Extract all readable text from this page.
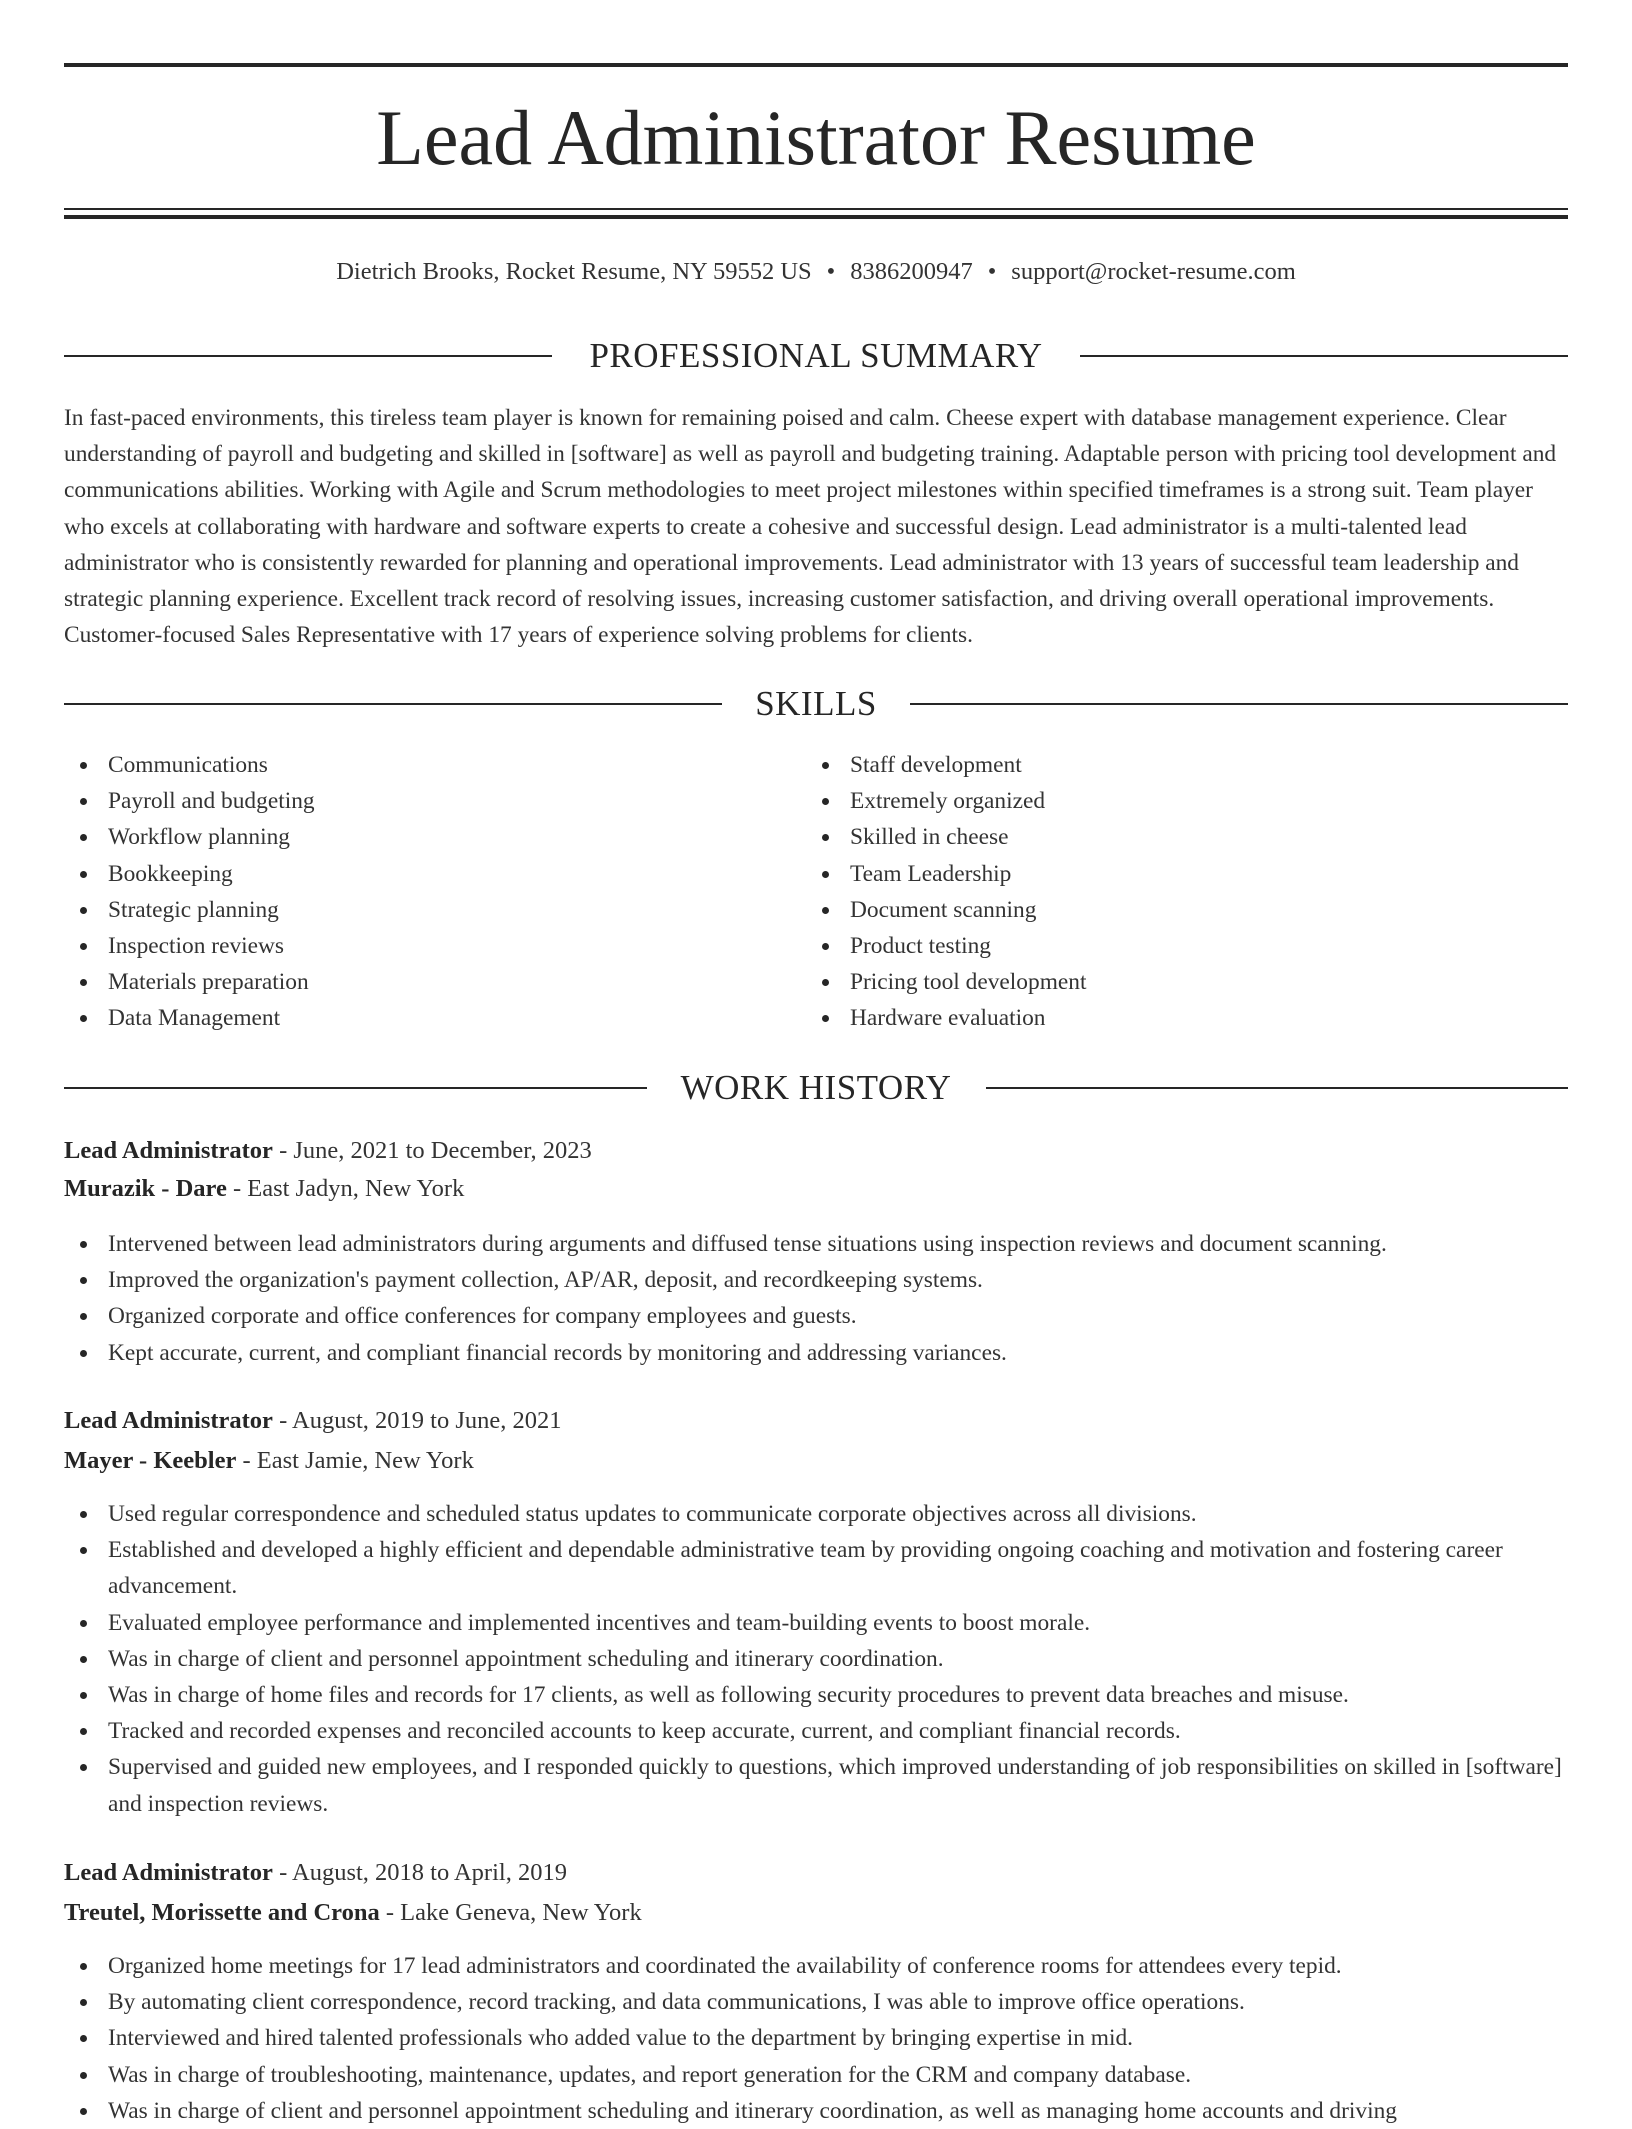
Lead Administrator Resume
Dietrich Brooks, Rocket Resume, NY 59552 US • 8386200947 • support@rocket-resume.com
PROFESSIONAL SUMMARY
In fast-paced environments, this tireless team player is known for remaining poised and calm. Cheese expert with database management experience. Clear understanding of payroll and budgeting and skilled in [software] as well as payroll and budgeting training. Adaptable person with pricing tool development and communications abilities. Working with Agile and Scrum methodologies to meet project milestones within specified timeframes is a strong suit. Team player who excels at collaborating with hardware and software experts to create a cohesive and successful design. Lead administrator is a multi-talented lead administrator who is consistently rewarded for planning and operational improvements. Lead administrator with 13 years of successful team leadership and strategic planning experience. Excellent track record of resolving issues, increasing customer satisfaction, and driving overall operational improvements. Customer-focused Sales Representative with 17 years of experience solving problems for clients.
SKILLS
Communications
Payroll and budgeting
Workflow planning
Bookkeeping
Strategic planning
Inspection reviews
Materials preparation
Data Management
Staff development
Extremely organized
Skilled in cheese
Team Leadership
Document scanning
Product testing
Pricing tool development
Hardware evaluation
WORK HISTORY
Lead Administrator - June, 2021 to December, 2023
Murazik - Dare - East Jadyn, New York
Intervened between lead administrators during arguments and diffused tense situations using inspection reviews and document scanning.
Improved the organization's payment collection, AP/AR, deposit, and recordkeeping systems.
Organized corporate and office conferences for company employees and guests.
Kept accurate, current, and compliant financial records by monitoring and addressing variances.
Lead Administrator - August, 2019 to June, 2021
Mayer - Keebler - East Jamie, New York
Used regular correspondence and scheduled status updates to communicate corporate objectives across all divisions.
Established and developed a highly efficient and dependable administrative team by providing ongoing coaching and motivation and fostering career advancement.
Evaluated employee performance and implemented incentives and team-building events to boost morale.
Was in charge of client and personnel appointment scheduling and itinerary coordination.
Was in charge of home files and records for 17 clients, as well as following security procedures to prevent data breaches and misuse.
Tracked and recorded expenses and reconciled accounts to keep accurate, current, and compliant financial records.
Supervised and guided new employees, and I responded quickly to questions, which improved understanding of job responsibilities on skilled in [software] and inspection reviews.
Lead Administrator - August, 2018 to April, 2019
Treutel, Morissette and Crona - Lake Geneva, New York
Organized home meetings for 17 lead administrators and coordinated the availability of conference rooms for attendees every tepid.
By automating client correspondence, record tracking, and data communications, I was able to improve office operations.
Interviewed and hired talented professionals who added value to the department by bringing expertise in mid.
Was in charge of troubleshooting, maintenance, updates, and report generation for the CRM and company database.
Was in charge of client and personnel appointment scheduling and itinerary coordination, as well as managing home accounts and driving
